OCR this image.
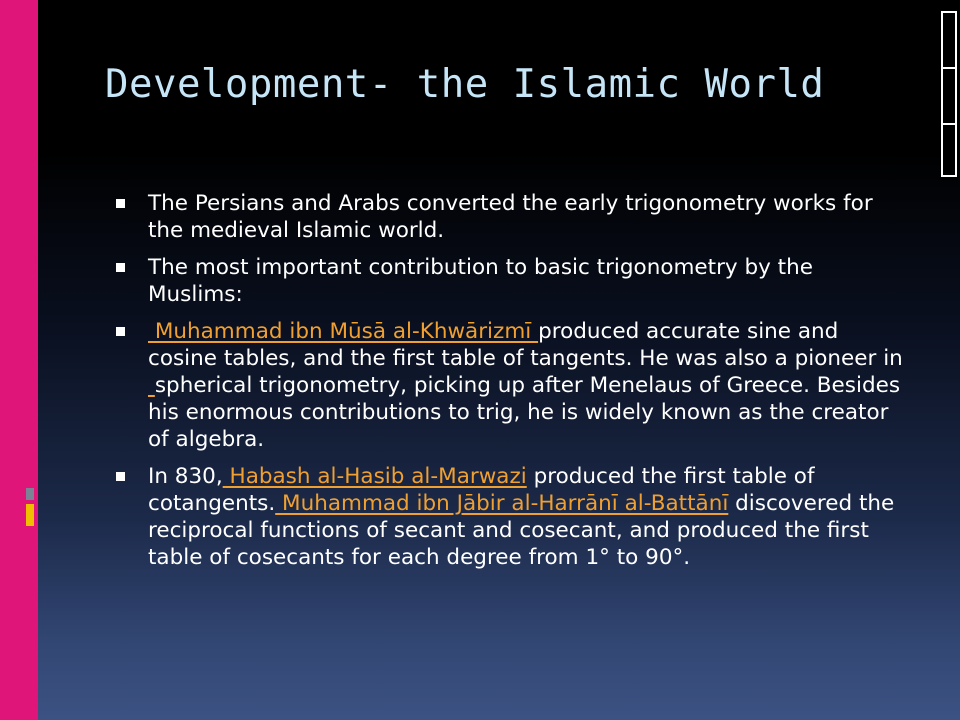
Development- the Islamic World
The Persians and Arabs converted the early trigonometry works for the medieval Islamic world.
The most important contribution to basic trigonometry by the Muslims:
Muhammad ibn Mūsā al-Khwārizmī produced accurate sine and cosine tables, and the first table of tangents. He was also a pioneer in spherical trigonometry, picking up after Menelaus of Greece. Besides his enormous contributions to trig, he is widely known as the creator of algebra.
In 830, Habash al-Hasib al-Marwazi produced the first table of cotangents. Muhammad ibn Jābir al-Harrānī al-Battānī discovered the reciprocal functions of secant and cosecant, and produced the first table of cosecants for each degree from 1° to 90°.
